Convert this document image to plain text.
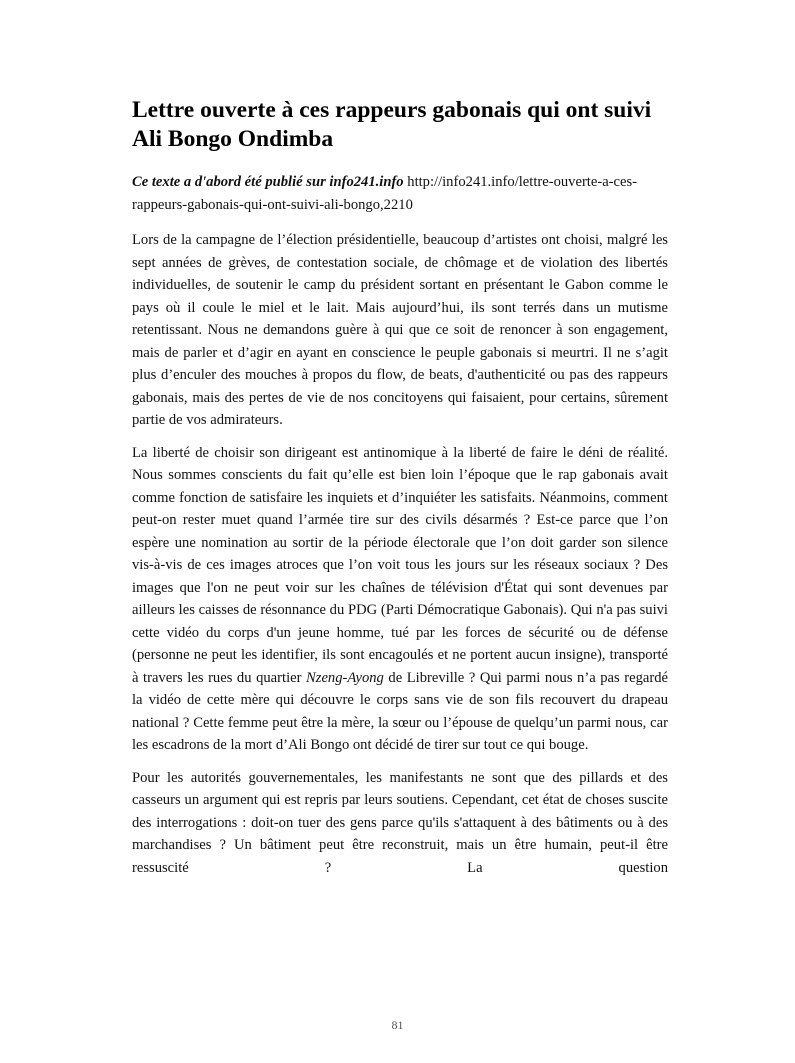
Lettre ouverte à ces rappeurs gabonais qui ont suivi Ali Bongo Ondimba

Ce texte a d'abord été publié sur info241.info http://info241.info/lettre-ouverte-a-ces-rappeurs-gabonais-qui-ont-suivi-ali-bongo,2210

Lors de la campagne de l’élection présidentielle, beaucoup d’artistes ont choisi, malgré les sept années de grèves, de contestation sociale, de chômage et de violation des libertés individuelles, de soutenir le camp du président sortant en présentant le Gabon comme le pays où il coule le miel et le lait. Mais aujourd’hui, ils sont terrés dans un mutisme retentissant. Nous ne demandons guère à qui que ce soit de renoncer à son engagement, mais de parler et d’agir en ayant en conscience le peuple gabonais si meurtri. Il ne s’agit plus d’enculer des mouches à propos du flow, de beats, d'authenticité ou pas des rappeurs gabonais, mais des pertes de vie de nos concitoyens qui faisaient, pour certains, sûrement partie de vos admirateurs.

La liberté de choisir son dirigeant est antinomique à la liberté de faire le déni de réalité. Nous sommes conscients du fait qu’elle est bien loin l’époque que le rap gabonais avait comme fonction de satisfaire les inquiets et d’inquiéter les satisfaits. Néanmoins, comment peut-on rester muet quand l’armée tire sur des civils désarmés ? Est-ce parce que l’on espère une nomination au sortir de la période électorale que l’on doit garder son silence vis-à-vis de ces images atroces que l’on voit tous les jours sur les réseaux sociaux ? Des images que l'on ne peut voir sur les chaînes de télévision d'État qui sont devenues par ailleurs les caisses de résonnance du PDG (Parti Démocratique Gabonais). Qui n'a pas suivi cette vidéo du corps d'un jeune homme, tué par les forces de sécurité ou de défense (personne ne peut les identifier, ils sont encagoulés et ne portent aucun insigne), transporté à travers les rues du quartier Nzeng-Ayong de Libreville ? Qui parmi nous n’a pas regardé la vidéo de cette mère qui découvre le corps sans vie de son fils recouvert du drapeau national ? Cette femme peut être la mère, la sœur ou l’épouse de quelqu’un parmi nous, car les escadrons de la mort d’Ali Bongo ont décidé de tirer sur tout ce qui bouge.

Pour les autorités gouvernementales, les manifestants ne sont que des pillards et des casseurs un argument qui est repris par leurs soutiens. Cependant, cet état de choses suscite des interrogations : doit-on tuer des gens parce qu'ils s'attaquent à des bâtiments ou à des marchandises ? Un bâtiment peut être reconstruit, mais un être humain, peut-il être ressuscité ? La question

81
